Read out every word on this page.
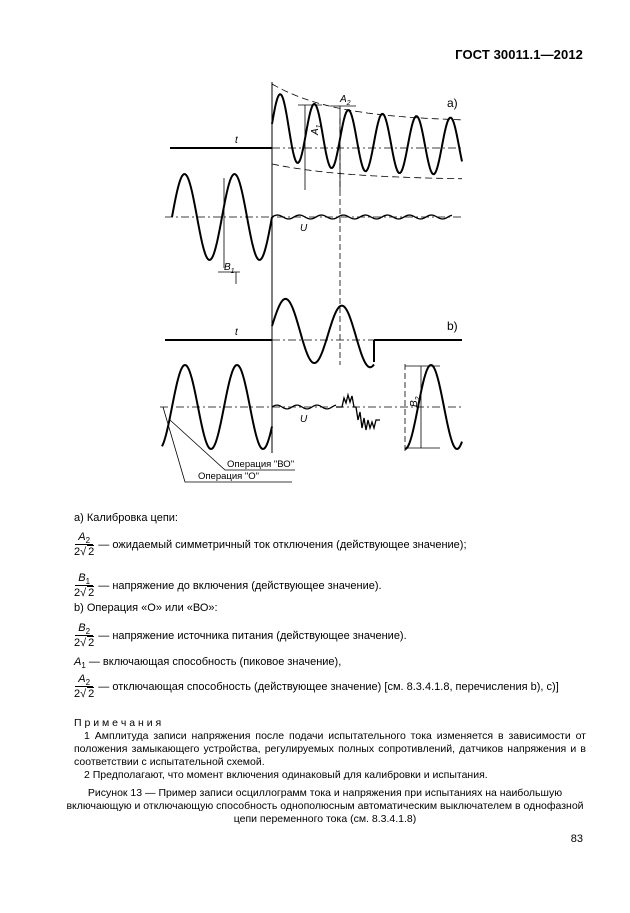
ГОСТ 30011.1—2012
a)
b)
t
t
U
U
$A_2$
$A_1$
$B_1$
$B_2$
Операция "ВО"
Операция "О"
а) Калибровка цепи:
$\frac{A_2}{2√ 2}$ — ожидаемый симметричный ток отключения (действующее значение);
$\frac{B_1}{2√ 2}$ — напряжение до включения (действующее значение).
b) Операция «О» или «ВО»:
$\frac{B_2}{2√ 2}$ — напряжение источника питания (действующее значение).
$A_1$ — включающая способность (пиковое значение),
$\frac{A_2}{2√ 2}$ — отключающая способность (действующее значение) [см. 8.3.4.1.8, перечисления b), с)]

П р и м е ч а н и я

1 Амплитуда записи напряжения после подачи испытательного тока изменяется в зависимости от положения замыкающего устройства, регулируемых полных сопротивлений, датчиков напряжения и в соответствии с испытательной схемой.

2 Предполагают, что момент включения одинаковый для калибровки и испытания.

Рисунок 13 — Пример записи осциллограмм тока и напряжения при испытаниях на наибольшую включающую и отключающую способность однополюсным автоматическим выключателем в однофазной цепи переменного тока (см. 8.3.4.1.8)
83
